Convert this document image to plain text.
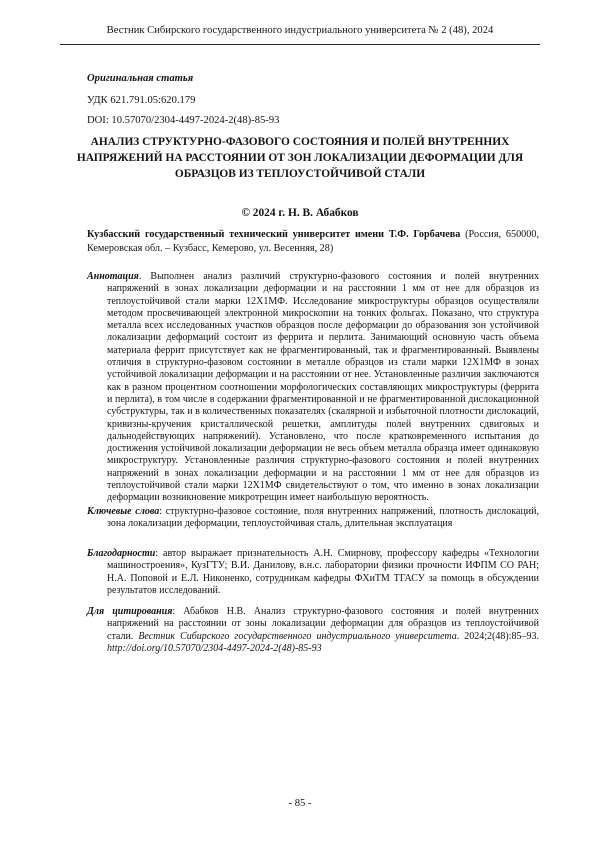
Вестник Сибирского государственного индустриального университета № 2 (48), 2024
Оригинальная статья
УДК 621.791.05:620.179
DOI: 10.57070/2304-4497-2024-2(48)-85-93
АНАЛИЗ СТРУКТУРНО-ФАЗОВОГО СОСТОЯНИЯ И ПОЛЕЙ ВНУТРЕННИХ НАПРЯЖЕНИЙ НА РАССТОЯНИИ ОТ ЗОН ЛОКАЛИЗАЦИИ ДЕФОРМАЦИИ ДЛЯ ОБРАЗЦОВ ИЗ ТЕПЛОУСТОЙЧИВОЙ СТАЛИ
© 2024 г. Н. В. Абабков

Кузбасский государственный технический университет имени Т.Ф. Горбачева (Россия, 650000, Кемеровская обл. – Кузбасс, Кемерово, ул. Весенняя, 28)

Аннотация. Выполнен анализ различий структурно-фазового состояния и полей внутренних напряжений в зонах локализации деформации и на расстоянии 1 мм от нее для образцов из теплоустойчивой стали марки 12Х1МФ. Исследование микроструктуры образцов осуществляли методом просвечивающей электронной микроскопии на тонких фольгах. Показано, что структура металла всех исследованных участков образцов после деформации до образования зон устойчивой локализации деформаций состоит из феррита и перлита. Занимающий основную часть объема материала феррит присутствует как не фрагментированный, так и фрагментированный. Выявлены отличия в структурно-фазовом состоянии в металле образцов из стали марки 12Х1МФ в зонах устойчивой локализации деформации и на расстоянии от нее. Установленные различия заключаются как в разном процентном соотношении морфологических составляющих микроструктуры (феррита и перлита), в том числе в содержании фрагментированной и не фрагментированной дислокационной субструктуры, так и в количественных показателях (скалярной и избыточной плотности дислокаций, кривизны-кручения кристаллической решетки, амплитуды полей внутренних сдвиговых и дальнодействующих напряжений). Установлено, что после кратковременного испытания до достижения устойчивой локализации деформации не весь объем металла образца имеет одинаковую микроструктуру. Установленные различия структурно-фазового состояния и полей внутренних напряжений в зонах локализации деформации и на расстоянии 1 мм от нее для образцов из теплоустойчивой стали марки 12Х1МФ свидетельствуют о том, что именно в зонах локализации деформации возникновение микротрещин имеет наибольшую вероятность.

Ключевые слова: структурно-фазовое состояние, поля внутренних напряжений, плотность дислокаций, зона локализации деформации, теплоустойчивая сталь, длительная эксплуатация

Благодарности: автор выражает признательность А.Н. Смирнову, профессору кафедры «Технологии машиностроения», КузГТУ; В.И. Данилову, в.н.с. лаборатории физики прочности ИФПМ СО РАН; Н.А. Поповой и Е.Л. Никоненко, сотрудникам кафедры ФХиТМ ТГАСУ за помощь в обсуждении результатов исследований.

Для цитирования: Абабков Н.В. Анализ структурно-фазового состояния и полей внутренних напряжений на расстоянии от зоны локализации деформации для образцов из теплоустойчивой стали. Вестник Сибирского государственного индустриального университета. 2024;2(48):85–93. http://doi.org/10.57070/2304-4497-2024-2(48)-85-93

- 85 -
